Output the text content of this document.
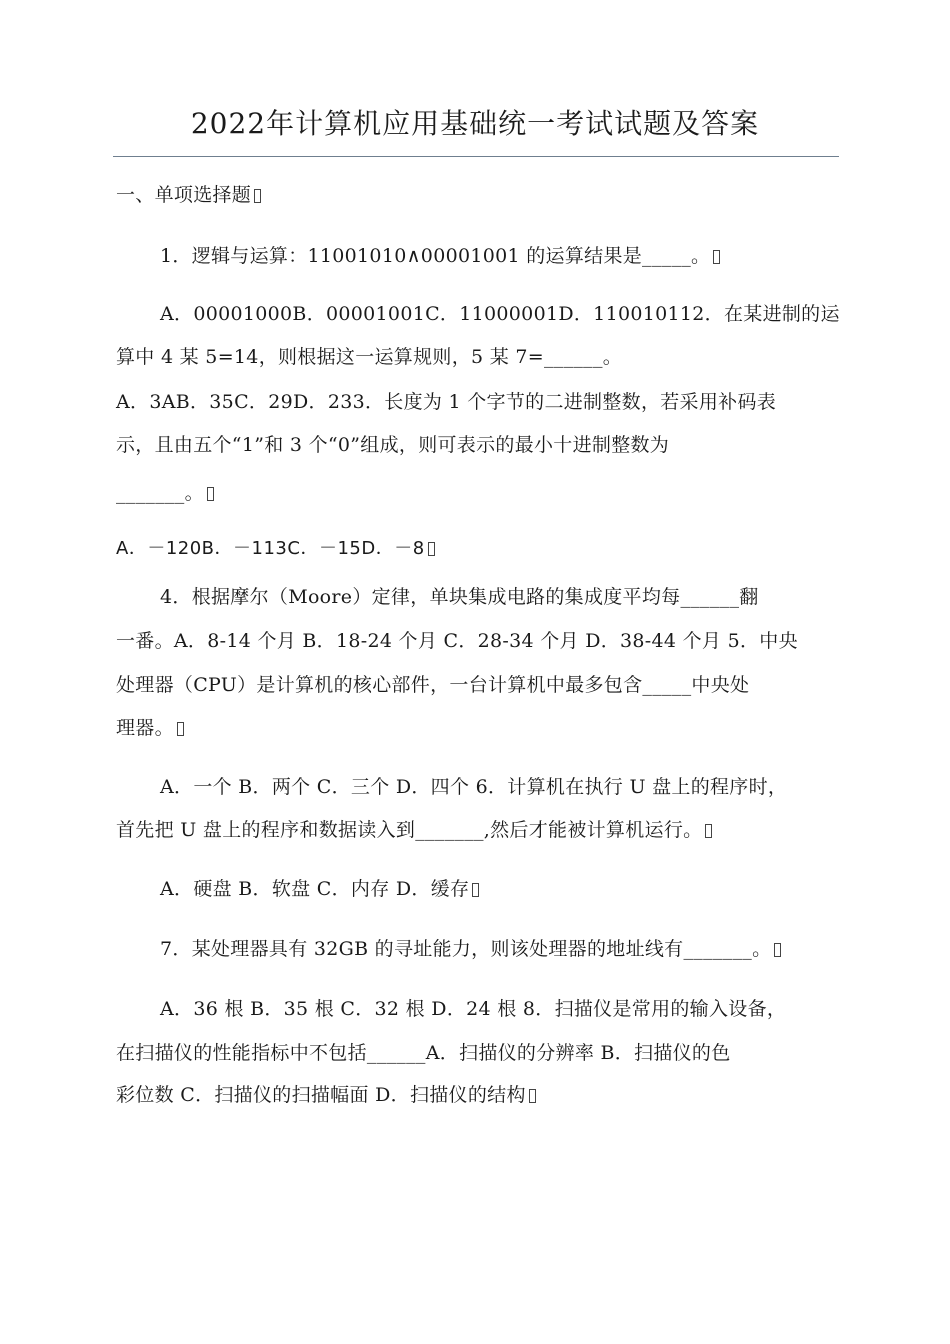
2022年计算机应用基础统一考试试题及答案
一、单项选择题
1．逻辑与运算：11001010∧00001001 的运算结果是_____。
A．00001000B．00001001C．11000001D．110010112．在某进制的运
算中 4 某 5=14，则根据这一运算规则，5 某 7=______。
A．3AB．35C．29D．233．长度为 1 个字节的二进制整数，若采用补码表
示，且由五个“1”和 3 个“0”组成，则可表示的最小十进制整数为
_______。
A．－120B．－113C．－15D．－8
4．根据摩尔（Moore）定律，单块集成电路的集成度平均每______翻
一番。A．8-14 个月 B．18-24 个月 C．28-34 个月 D．38-44 个月 5．中央
处理器（CPU）是计算机的核心部件，一台计算机中最多包含_____中央处
理器。
A．一个 B．两个 C．三个 D．四个 6．计算机在执行 U 盘上的程序时，
首先把 U 盘上的程序和数据读入到_______,然后才能被计算机运行。
A．硬盘 B．软盘 C．内存 D．缓存
7．某处理器具有 32GB 的寻址能力，则该处理器的地址线有_______。
A．36 根 B．35 根 C．32 根 D．24 根 8．扫描仪是常用的输入设备，
在扫描仪的性能指标中不包括______A．扫描仪的分辨率 B．扫描仪的色
彩位数 C．扫描仪的扫描幅面 D．扫描仪的结构
